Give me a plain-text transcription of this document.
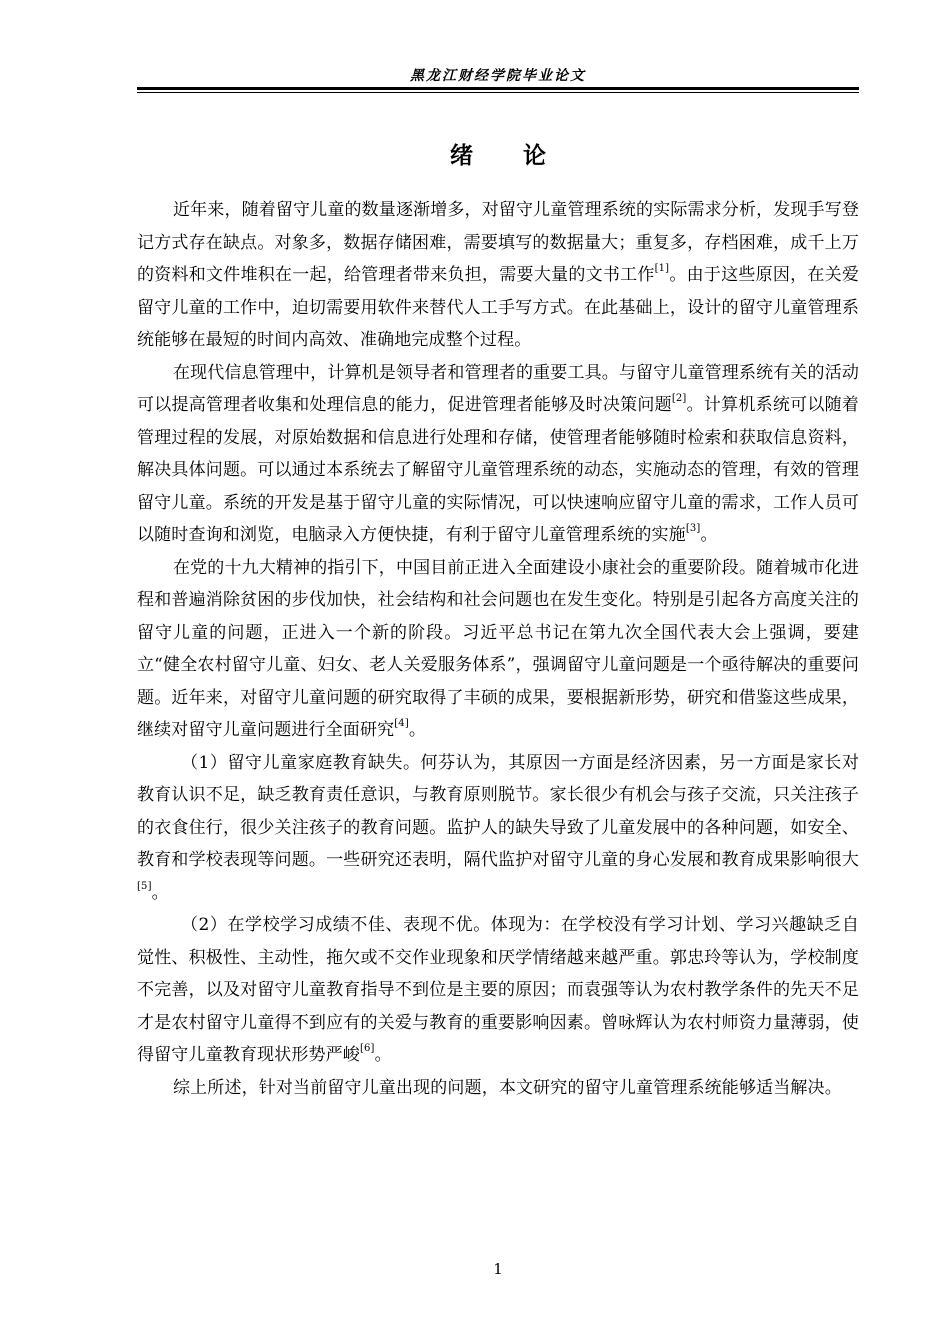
黑龙江财经学院毕业论文
绪论

近年来，随着留守儿童的数量逐渐增多，对留守儿童管理系统的实际需求分析，发现手写登记方式存在缺点。对象多，数据存储困难，需要填写的数据量大；重复多，存档困难，成千上万的资料和文件堆积在一起，给管理者带来负担，需要大量的文书工作[1]。由于这些原因，在关爱留守儿童的工作中，迫切需要用软件来替代人工手写方式。在此基础上，设计的留守儿童管理系统能够在最短的时间内高效、准确地完成整个过程。

在现代信息管理中，计算机是领导者和管理者的重要工具。与留守儿童管理系统有关的活动可以提高管理者收集和处理信息的能力，促进管理者能够及时决策问题[2]。计算机系统可以随着管理过程的发展，对原始数据和信息进行处理和存储，使管理者能够随时检索和获取信息资料，解决具体问题。可以通过本系统去了解留守儿童管理系统的动态，实施动态的管理，有效的管理留守儿童。系统的开发是基于留守儿童的实际情况，可以快速响应留守儿童的需求，工作人员可以随时查询和浏览，电脑录入方便快捷，有利于留守儿童管理系统的实施[3]。

在党的十九大精神的指引下，中国目前正进入全面建设小康社会的重要阶段。随着城市化进程和普遍消除贫困的步伐加快，社会结构和社会问题也在发生变化。特别是引起各方高度关注的留守儿童的问题，正进入一个新的阶段。习近平总书记在第九次全国代表大会上强调，要建立“健全农村留守儿童、妇女、老人关爱服务体系”，强调留守儿童问题是一个亟待解决的重要问题。近年来，对留守儿童问题的研究取得了丰硕的成果，要根据新形势，研究和借鉴这些成果，继续对留守儿童问题进行全面研究[4]。

（1）留守儿童家庭教育缺失。何芬认为，其原因一方面是经济因素，另一方面是家长对教育认识不足，缺乏教育责任意识，与教育原则脱节。家长很少有机会与孩子交流，只关注孩子的衣食住行，很少关注孩子的教育问题。监护人的缺失导致了儿童发展中的各种问题，如安全、教育和学校表现等问题。一些研究还表明，隔代监护对留守儿童的身心发展和教育成果影响很大[5]。

（2）在学校学习成绩不佳、表现不优。体现为：在学校没有学习计划、学习兴趣缺乏自觉性、积极性、主动性，拖欠或不交作业现象和厌学情绪越来越严重。郭忠玲等认为，学校制度不完善，以及对留守儿童教育指导不到位是主要的原因；而袁强等认为农村教学条件的先天不足才是农村留守儿童得不到应有的关爱与教育的重要影响因素。曾咏辉认为农村师资力量薄弱，使得留守儿童教育现状形势严峻[6]。

综上所述，针对当前留守儿童出现的问题，本文研究的留守儿童管理系统能够适当解决。

1
